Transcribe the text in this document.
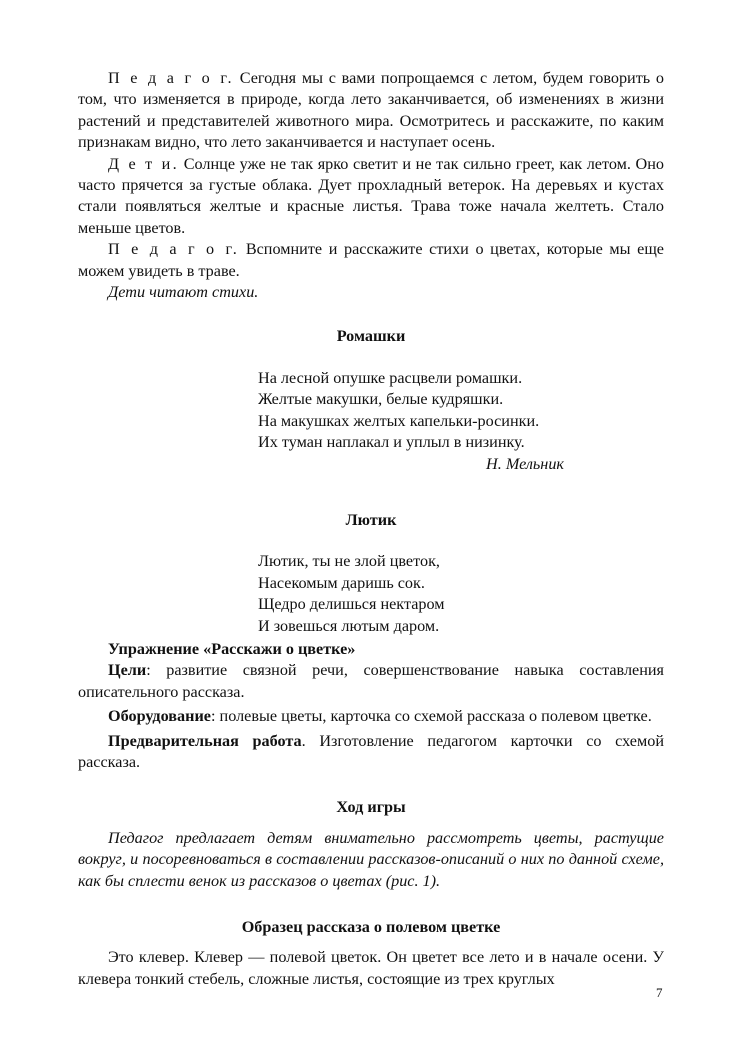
П е д а г о г. Сегодня мы с вами попрощаемся с летом, будем говорить о том, что изменяется в природе, когда лето заканчивается, об изменениях в жизни растений и представителей животного мира. Осмотритесь и расскажите, по каким признакам видно, что лето заканчивается и наступает осень.

Д е т и. Солнце уже не так ярко светит и не так сильно греет, как летом. Оно часто прячется за густые облака. Дует прохладный ветерок. На деревьях и кустах стали появляться желтые и красные листья. Трава тоже начала желтеть. Стало меньше цветов.

П е д а г о г. Вспомните и расскажите стихи о цветах, которые мы еще можем увидеть в траве.

Дети читают стихи.

Ромашки

На лесной опушке расцвели ромашки.
Желтые макушки, белые кудряшки.
На макушках желтых капельки-росинки.
Их туман наплакал и уплыл в низинку.
Н. Мельник

Лютик

Лютик, ты не злой цветок,
Насекомым даришь сок.
Щедро делишься нектаром
И зовешься лютым даром.

Упражнение «Расскажи о цветке»

Цели: развитие связной речи, совершенствование навыка составления описательного рассказа.

Оборудование: полевые цветы, карточка со схемой рассказа о полевом цветке.

Предварительная работа. Изготовление педагогом карточки со схемой рассказа.

Ход игры

Педагог предлагает детям внимательно рассмотреть цветы, растущие вокруг, и посоревноваться в составлении рассказов-описаний о них по данной схеме, как бы сплести венок из рассказов о цветах (рис. 1).

Образец рассказа о полевом цветке

Это клевер. Клевер — полевой цветок. Он цветет все лето и в начале осени. У клевера тонкий стебель, сложные листья, состоящие из трех круглых

7
